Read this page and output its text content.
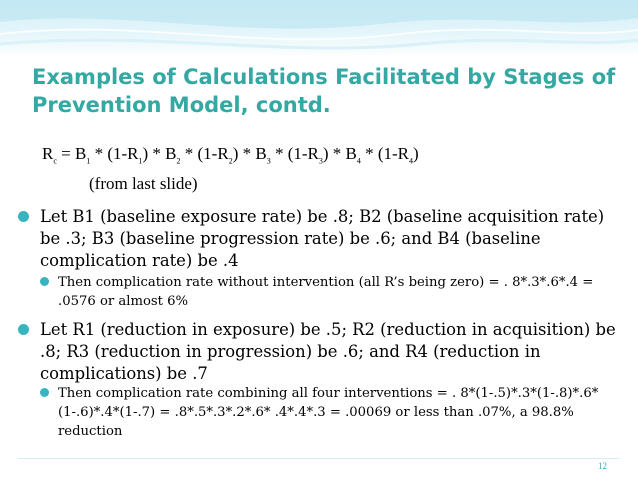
Examples of Calculations Facilitated by Stages of Prevention Model, contd.
$R_c = B_1 * (1-R_1) * B_2 * (1-R_2) * B_3 * (1-R_3) * B_4 * (1-R_4)$
(from last slide)
Let B1 (baseline exposure rate) be .8; B2 (baseline acquisition rate) be .3; B3 (baseline progression rate) be .6; and B4 (baseline complication rate) be .4
Then complication rate without intervention (all R’s being zero) = . 8*.3*.6*.4 = .0576 or almost 6%
Let R1 (reduction in exposure) be .5; R2 (reduction in acquisition) be .8; R3 (reduction in progression) be .6; and R4 (reduction in complications) be .7
Then complication rate combining all four interventions = . 8*(1-.5)*.3*(1-.8)*.6*(1-.6)*.4*(1-.7) = .8*.5*.3*.2*.6* .4*.4*.3 = .00069 or less than .07%, a 98.8% reduction
12
